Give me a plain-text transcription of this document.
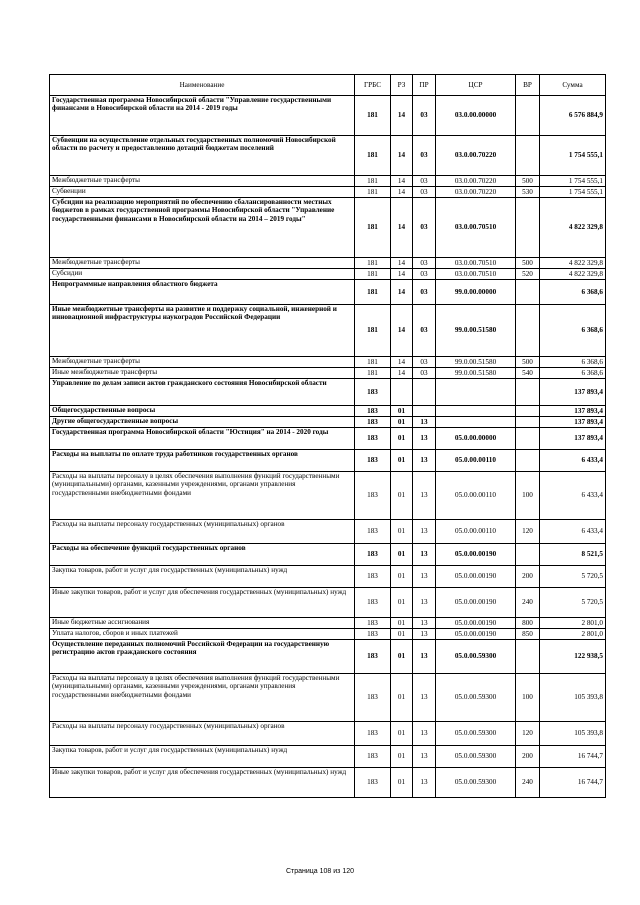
Наименование	ГРБС	РЗ	ПР	ЦСР	ВР	Сумма
Государственная программа Новосибирской области "Управление государственными финансами в Новосибирской области на 2014 - 2019 годы	181	14	03	03.0.00.00000		6 576 884,9
Субвенции на осуществление отдельных государственных полномочий Новосибирской области по расчету и предоставлению дотаций бюджетам поселений	181	14	03	03.0.00.70220		1 754 555,1
Межбюджетные трансферты	181	14	03	03.0.00.70220	500	1 754 555,1
Субвенции	181	14	03	03.0.00.70220	530	1 754 555,1
Субсидии на реализацию мероприятий по обеспечению сбалансированности местных бюджетов в рамках государственной программы Новосибирской области "Управление государственными финансами в Новосибирской области на 2014 – 2019 годы"	181	14	03	03.0.00.70510		4 822 329,8
Межбюджетные трансферты	181	14	03	03.0.00.70510	500	4 822 329,8
Субсидии	181	14	03	03.0.00.70510	520	4 822 329,8
Непрограммные направления областного бюджета	181	14	03	99.0.00.00000		6 368,6
Иные межбюджетные трансферты на развитие и поддержку социальной, инженерной и инновационной инфраструктуры наукоградов Российской Федерации	181	14	03	99.0.00.51580		6 368,6
Межбюджетные трансферты	181	14	03	99.0.00.51580	500	6 368,6
Иные межбюджетные трансферты	181	14	03	99.0.00.51580	540	6 368,6
Управление по делам записи актов гражданского состояния Новосибирской области	183					137 893,4
Общегосударственные вопросы	183	01				137 893,4
Другие общегосударственные вопросы	183	01	13			137 893,4
Государственная программа Новосибирской области "Юстиция" на 2014 - 2020 годы	183	01	13	05.0.00.00000		137 893,4
Расходы на выплаты по оплате труда работников государственных органов	183	01	13	05.0.00.00110		6 433,4
Расходы на выплаты персоналу в целях обеспечения выполнения функций государственными (муниципальными) органами, казенными учреждениями, органами управления государственными внебюджетными фондами	183	01	13	05.0.00.00110	100	6 433,4
Расходы на выплаты персоналу государственных (муниципальных) органов	183	01	13	05.0.00.00110	120	6 433,4
Расходы на обеспечение функций государственных органов	183	01	13	05.0.00.00190		8 521,5
Закупка товаров, работ и услуг для государственных (муниципальных) нужд	183	01	13	05.0.00.00190	200	5 720,5
Иные закупки товаров, работ и услуг для обеспечения государственных (муниципальных) нужд	183	01	13	05.0.00.00190	240	5 720,5
Иные бюджетные ассигнования	183	01	13	05.0.00.00190	800	2 801,0
Уплата налогов, сборов и иных платежей	183	01	13	05.0.00.00190	850	2 801,0
Осуществление переданных полномочий Российской Федерации на государственную регистрацию актов гражданского состояния	183	01	13	05.0.00.59300		122 938,5
Расходы на выплаты персоналу в целях обеспечения выполнения функций государственными (муниципальными) органами, казенными учреждениями, органами управления государственными внебюджетными фондами	183	01	13	05.0.00.59300	100	105 393,8
Расходы на выплаты персоналу государственных (муниципальных) органов	183	01	13	05.0.00.59300	120	105 393,8
Закупка товаров, работ и услуг для государственных (муниципальных) нужд	183	01	13	05.0.00.59300	200	16 744,7
Иные закупки товаров, работ и услуг для обеспечения государственных (муниципальных) нужд	183	01	13	05.0.00.59300	240	16 744,7
Страница 108 из 120
